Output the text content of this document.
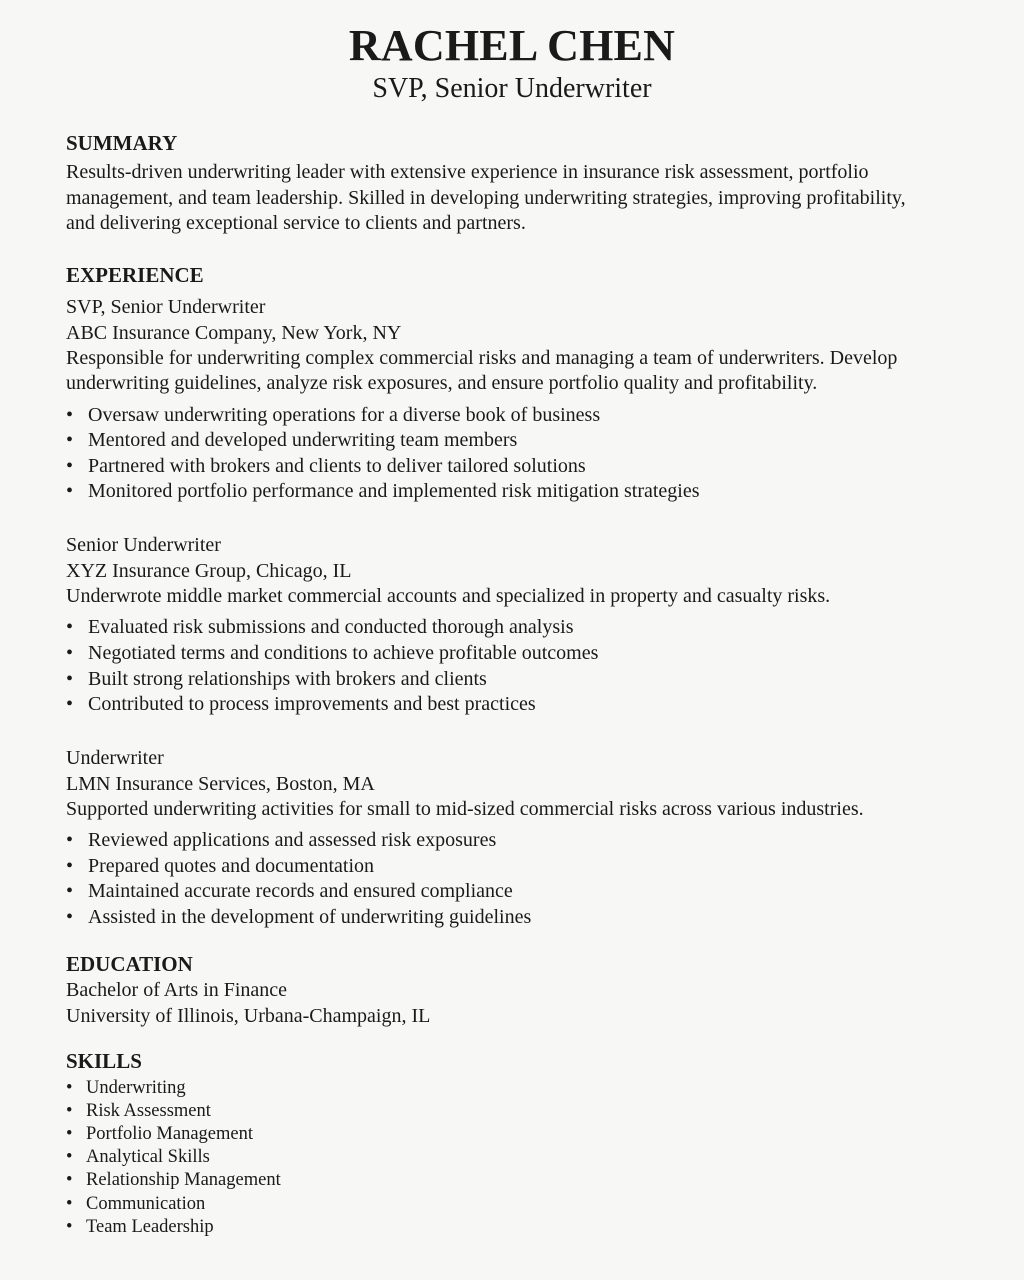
RACHEL CHEN
SVP, Senior Underwriter
SUMMARY

Results-driven underwriting leader with extensive experience in insurance risk assessment, portfolio management, and team leadership. Skilled in developing underwriting strategies, improving profitability, and delivering exceptional service to clients and partners.

EXPERIENCE
SVP, Senior Underwriter
ABC Insurance Company, New York, NY
Responsible for underwriting complex commercial risks and managing a team of underwriters. Develop underwriting guidelines, analyze risk exposures, and ensure portfolio quality and profitability.
• Oversaw underwriting operations for a diverse book of business
• Mentored and developed underwriting team members
• Partnered with brokers and clients to deliver tailored solutions
• Monitored portfolio performance and implemented risk mitigation strategies
Senior Underwriter
XYZ Insurance Group, Chicago, IL
Underwrote middle market commercial accounts and specialized in property and casualty risks.
• Evaluated risk submissions and conducted thorough analysis
• Negotiated terms and conditions to achieve profitable outcomes
• Built strong relationships with brokers and clients
• Contributed to process improvements and best practices
Underwriter
LMN Insurance Services, Boston, MA
Supported underwriting activities for small to mid-sized commercial risks across various industries.
• Reviewed applications and assessed risk exposures
• Prepared quotes and documentation
• Maintained accurate records and ensured compliance
• Assisted in the development of underwriting guidelines
EDUCATION
Bachelor of Arts in Finance
University of Illinois, Urbana-Champaign, IL
SKILLS
• Underwriting
• Risk Assessment
• Portfolio Management
• Analytical Skills
• Relationship Management
• Communication
• Team Leadership
